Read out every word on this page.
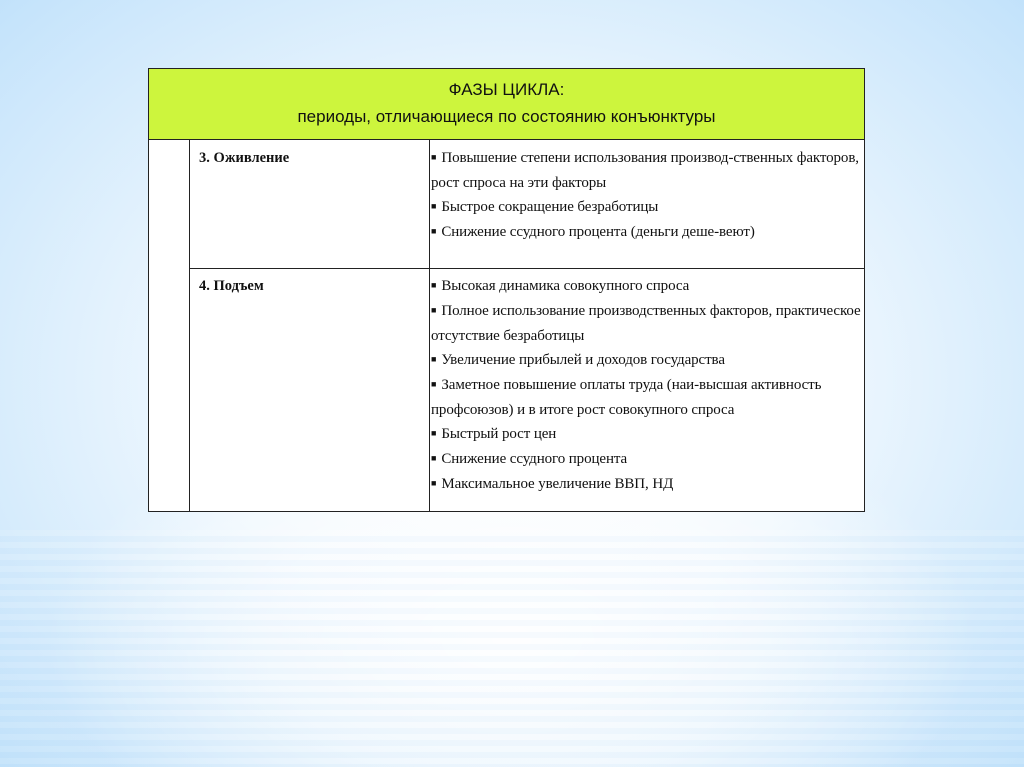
ФАЗЫ ЦИКЛА:
периоды, отличающиеся по состоянию конъюнктуры
3. Оживление	■ Повышение степени использования производ-ственных факторов, рост спроса на эти факторы
■ Быстрое сокращение безработицы
■ Снижение ссудного процента (деньги деше-веют)
4. Подъем	■ Высокая динамика совокупного спроса
■ Полное использование производственных факторов, практическое отсутствие безработицы
■ Увеличение прибылей и доходов государства
■ Заметное повышение оплаты труда (наи-высшая активность профсоюзов) и в итоге рост совокупного спроса
■ Быстрый рост цен
■ Снижение ссудного процента
■ Максимальное увеличение ВВП, НД
